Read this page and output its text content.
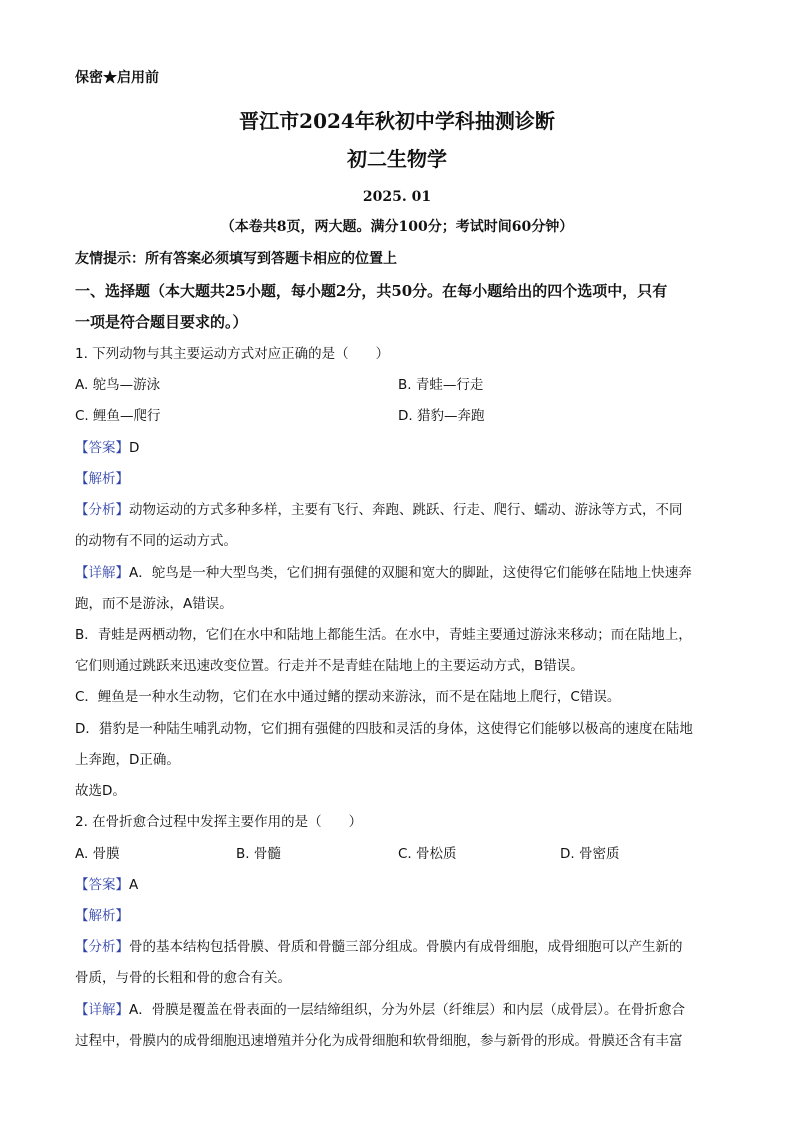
保密★启用前
晋江市2024年秋初中学科抽测诊断
初二生物学
2025. 01
（本卷共8页，两大题。满分100分；考试时间60分钟）
友情提示：所有答案必须填写到答题卡相应的位置上
一、选择题（本大题共25小题，每小题2分，共50分。在每小题给出的四个选项中，只有
一项是符合题目要求的。）
1. 下列动物与其主要运动方式对应正确的是（　　）
A. 鸵鸟—游泳	B. 青蛙—行走
C. 鲤鱼—爬行	D. 猎豹—奔跑
【答案】D
【解析】
【分析】动物运动的方式多种多样，主要有飞行、奔跑、跳跃、行走、爬行、蠕动、游泳等方式，不同
的动物有不同的运动方式。
【详解】A．鸵鸟是一种大型鸟类，它们拥有强健的双腿和宽大的脚趾，这使得它们能够在陆地上快速奔
跑，而不是游泳，A错误。
B．青蛙是两栖动物，它们在水中和陆地上都能生活。在水中，青蛙主要通过游泳来移动；而在陆地上，
它们则通过跳跃来迅速改变位置。行走并不是青蛙在陆地上的主要运动方式，B错误。
C．鲤鱼是一种水生动物，它们在水中通过鳍的摆动来游泳，而不是在陆地上爬行，C错误。
D．猎豹是一种陆生哺乳动物，它们拥有强健的四肢和灵活的身体，这使得它们能够以极高的速度在陆地
上奔跑，D正确。
故选D。
2. 在骨折愈合过程中发挥主要作用的是（　　）
A. 骨膜	B. 骨髓	C. 骨松质	D. 骨密质
【答案】A
【解析】
【分析】骨的基本结构包括骨膜、骨质和骨髓三部分组成。骨膜内有成骨细胞，成骨细胞可以产生新的
骨质，与骨的长粗和骨的愈合有关。
【详解】A．骨膜是覆盖在骨表面的一层结缔组织，分为外层（纤维层）和内层（成骨层）。在骨折愈合
过程中，骨膜内的成骨细胞迅速增殖并分化为成骨细胞和软骨细胞，参与新骨的形成。骨膜还含有丰富
